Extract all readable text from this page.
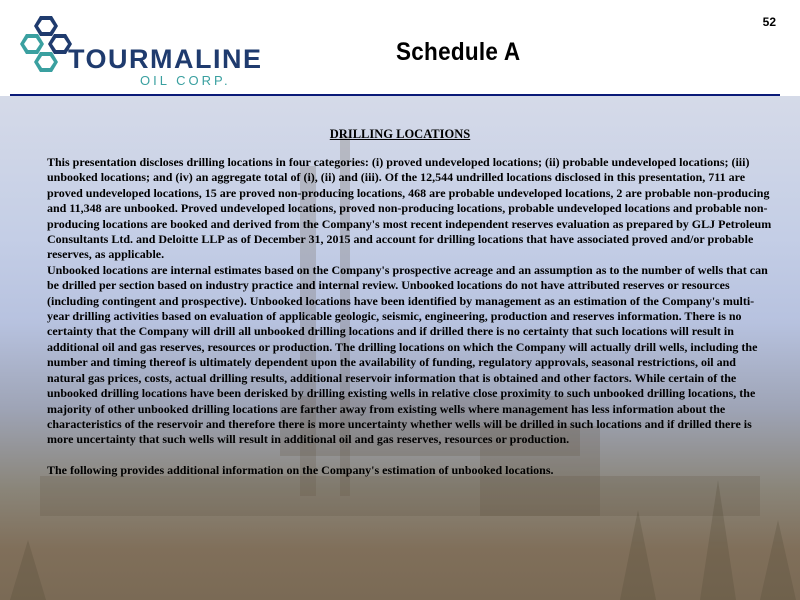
TOURMALINE
OIL CORP.
Schedule A
52
DRILLING LOCATIONS

This presentation discloses drilling locations in four categories: (i) proved undeveloped locations; (ii) probable undeveloped locations; (iii) unbooked locations; and (iv) an aggregate total of (i), (ii) and (iii). Of the 12,544 undrilled locations disclosed in this presentation, 711 are proved undeveloped locations, 15 are proved non-producing locations, 468 are probable undeveloped locations, 2 are probable non-producing and 11,348 are unbooked. Proved undeveloped locations, proved non-producing locations, probable undeveloped locations and probable non-producing locations are booked and derived from the Company's most recent independent reserves evaluation as prepared by GLJ Petroleum Consultants Ltd. and Deloitte LLP as of December 31, 2015 and account for drilling locations that have associated proved and/or probable reserves, as applicable.

Unbooked locations are internal estimates based on the Company's prospective acreage and an assumption as to the number of wells that can be drilled per section based on industry practice and internal review. Unbooked locations do not have attributed reserves or resources (including contingent and prospective). Unbooked locations have been identified by management as an estimation of the Company's multi-year drilling activities based on evaluation of applicable geologic, seismic, engineering, production and reserves information. There is no certainty that the Company will drill all unbooked drilling locations and if drilled there is no certainty that such locations will result in additional oil and gas reserves, resources or production. The drilling locations on which the Company will actually drill wells, including the number and timing thereof is ultimately dependent upon the availability of funding, regulatory approvals, seasonal restrictions, oil and natural gas prices, costs, actual drilling results, additional reservoir information that is obtained and other factors. While certain of the unbooked drilling locations have been derisked by drilling existing wells in relative close proximity to such unbooked drilling locations, the majority of other unbooked drilling locations are farther away from existing wells where management has less information about the characteristics of the reservoir and therefore there is more uncertainty whether wells will be drilled in such locations and if drilled there is more uncertainty that such wells will result in additional oil and gas reserves, resources or production.

The following provides additional information on the Company's estimation of unbooked locations.
